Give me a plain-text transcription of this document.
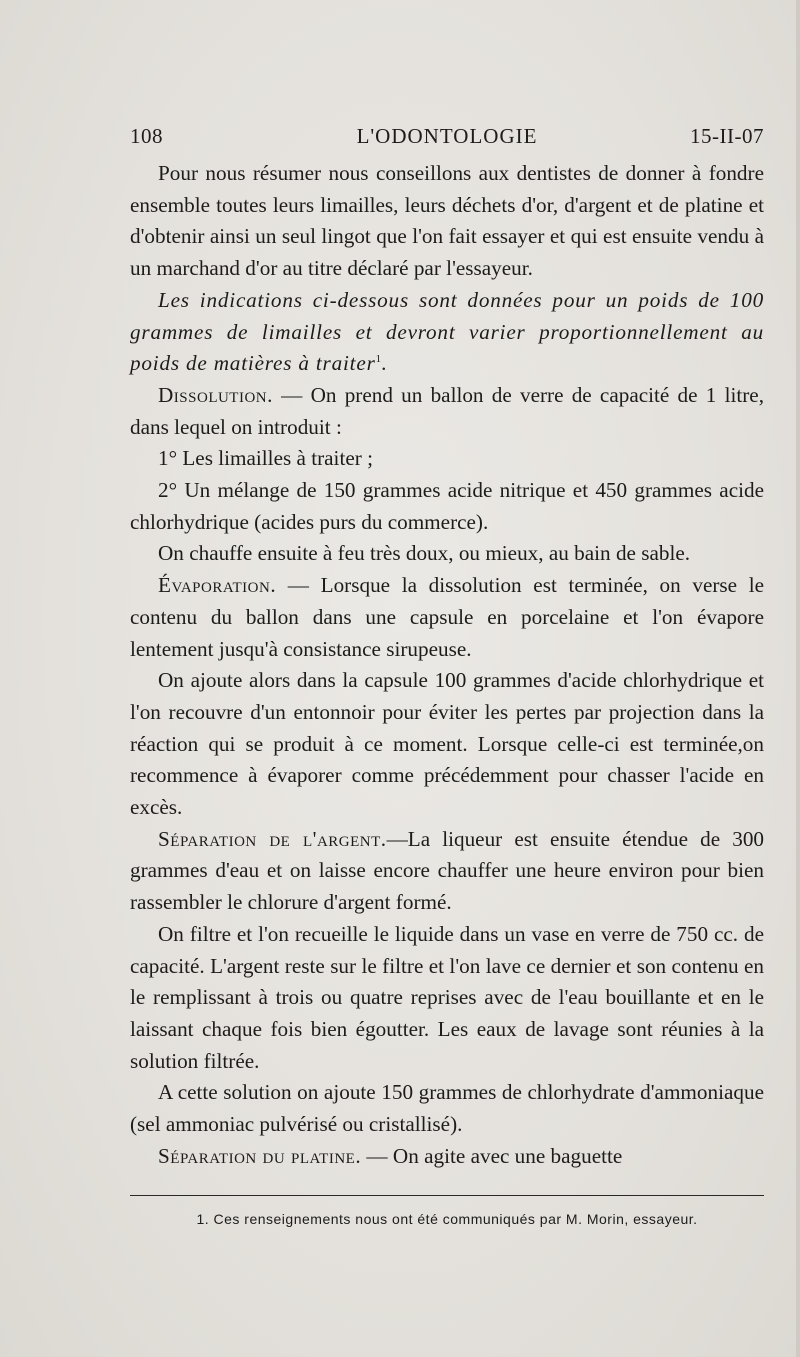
108	L'ODONTOLOGIE	15-II-07

Pour nous résumer nous conseillons aux dentistes de donner à fondre ensemble toutes leurs limailles, leurs déchets d'or, d'argent et de platine et d'obtenir ainsi un seul lingot que l'on fait essayer et qui est ensuite vendu à un marchand d'or au titre déclaré par l'essayeur.

Les indications ci-dessous sont données pour un poids de 100 grammes de limailles et devront varier proportionnellement au poids de matières à traiter$^1$.

Dissolution. — On prend un ballon de verre de capacité de 1 litre, dans lequel on introduit :

1° Les limailles à traiter ;

2° Un mélange de 150 grammes acide nitrique et 450 grammes acide chlorhydrique (acides purs du commerce).

On chauffe ensuite à feu très doux, ou mieux, au bain de sable.

Évaporation. — Lorsque la dissolution est terminée, on verse le contenu du ballon dans une capsule en porcelaine et l'on évapore lentement jusqu'à consistance sirupeuse.

On ajoute alors dans la capsule 100 grammes d'acide chlorhydrique et l'on recouvre d'un entonnoir pour éviter les pertes par projection dans la réaction qui se produit à ce moment. Lorsque celle-ci est terminée,on recommence à évaporer comme précédemment pour chasser l'acide en excès.

Séparation de l'argent.—La liqueur est ensuite étendue de 300 grammes d'eau et on laisse encore chauffer une heure environ pour bien rassembler le chlorure d'argent formé.

On filtre et l'on recueille le liquide dans un vase en verre de 750 cc. de capacité. L'argent reste sur le filtre et l'on lave ce dernier et son contenu en le remplissant à trois ou quatre reprises avec de l'eau bouillante et en le laissant chaque fois bien égoutter. Les eaux de lavage sont réunies à la solution filtrée.

A cette solution on ajoute 150 grammes de chlorhydrate d'ammoniaque (sel ammoniac pulvérisé ou cristallisé).

Séparation du platine. — On agite avec une baguette

1. Ces renseignements nous ont été communiqués par M. Morin, essayeur.
